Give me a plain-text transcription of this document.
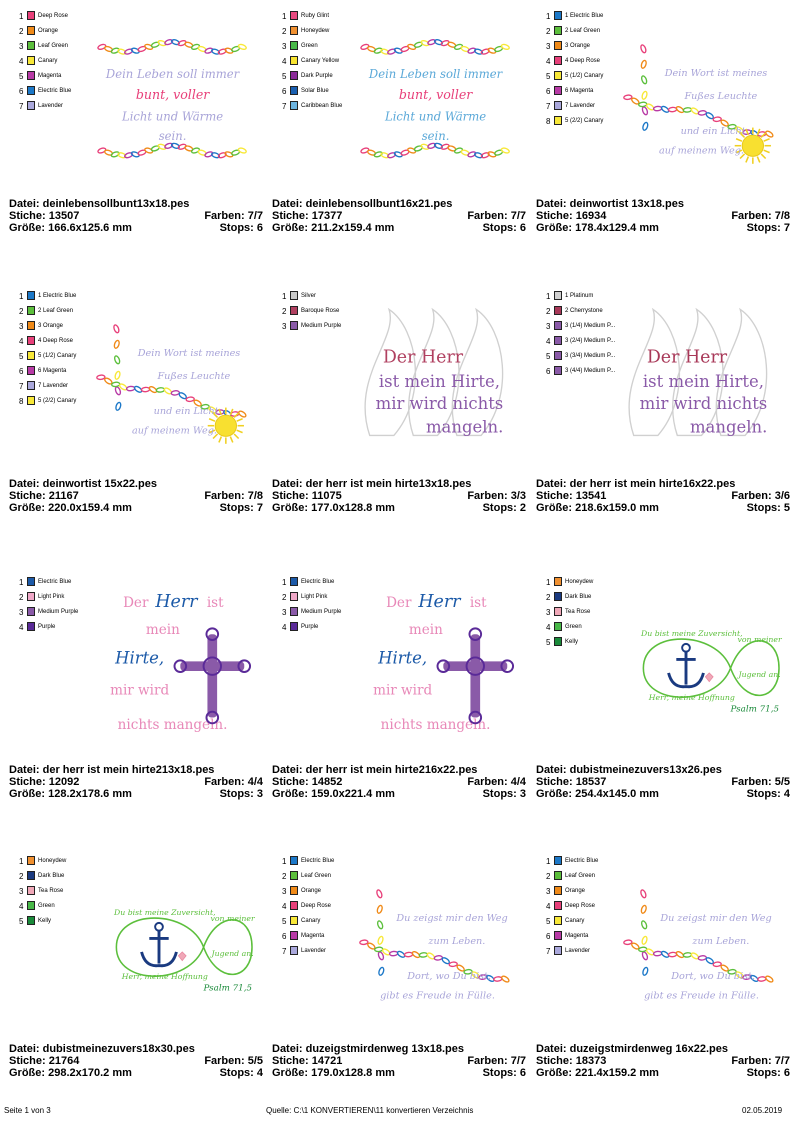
1	Deep Rose
2	Orange
3	Leaf Green
4	Canary
5	Magenta
6	Electric Blue
7	Lavender
Dein Leben soll immer
bunt, voller
Licht und Wärme
sein.
Datei: deinlebensollbunt13x18.pes
Stiche: 13507	Farben: 7/7
Größe: 166.6x125.6 mm	Stops: 6
1	Ruby Glint
2	Honeydew
3	Green
4	Canary Yellow
5	Dark Purple
6	Solar Blue
7	Caribbean Blue
Dein Leben soll immer
bunt, voller
Licht und Wärme
sein.
Datei: deinlebensollbunt16x21.pes
Stiche: 17377	Farben: 7/7
Größe: 211.2x159.4 mm	Stops: 6
1	1 Electric Blue
2	2 Leaf Green
3	3 Orange
4	4 Deep Rose
5	5 (1/2) Canary
6	6 Magenta
7	7 Lavender
8	5 (2/2) Canary
Dein Wort ist meines
Fußes Leuchte
und ein Licht
auf meinem Weg.
Datei: deinwortist 13x18.pes
Stiche: 16934	Farben: 7/8
Größe: 178.4x129.4 mm	Stops: 7
1	1 Electric Blue
2	2 Leaf Green
3	3 Orange
4	4 Deep Rose
5	5 (1/2) Canary
6	6 Magenta
7	7 Lavender
8	5 (2/2) Canary
Dein Wort ist meines
Fußes Leuchte
und ein Licht
auf meinem Weg.
Datei: deinwortist 15x22.pes
Stiche: 21167	Farben: 7/8
Größe: 220.0x159.4 mm	Stops: 7
1	Silver
2	Baroque Rose
3	Medium Purple
Der Herr
ist mein Hirte,
mir wird nichts
mangeln.
Datei: der herr ist mein hirte13x18.pes
Stiche: 11075	Farben: 3/3
Größe: 177.0x128.8 mm	Stops: 2
1	1 Platinum
2	2 Cherrystone
3	3 (1/4) Medium P...
4	3 (2/4) Medium P...
5	3 (3/4) Medium P...
6	3 (4/4) Medium P...
Der Herr
ist mein Hirte,
mir wird nichts
mangeln.
Datei: der herr ist mein hirte16x22.pes
Stiche: 13541	Farben: 3/6
Größe: 218.6x159.0 mm	Stops: 5
1	Electric Blue
2	Light Pink
3	Medium Purple
4	Purple
Der Herr ist
mein
Hirte,
mir wird
nichts mangeln.
Datei: der herr ist mein hirte213x18.pes
Stiche: 12092	Farben: 4/4
Größe: 128.2x178.6 mm	Stops: 3
1	Electric Blue
2	Light Pink
3	Medium Purple
4	Purple
Der Herr ist
mein
Hirte,
mir wird
nichts mangeln.
Datei: der herr ist mein hirte216x22.pes
Stiche: 14852	Farben: 4/4
Größe: 159.0x221.4 mm	Stops: 3
1	Honeydew
2	Dark Blue
3	Tea Rose
4	Green
5	Kelly
Du bist meine Zuversicht,
von meiner
Jugend an.
Herr, meine Hoffnung
Psalm 71,5
Datei: dubistmeinezuvers13x26.pes
Stiche: 18537	Farben: 5/5
Größe: 254.4x145.0 mm	Stops: 4
1	Honeydew
2	Dark Blue
3	Tea Rose
4	Green
5	Kelly
Du bist meine Zuversicht,
von meiner
Jugend an.
Herr, meine Hoffnung
Psalm 71,5
Datei: dubistmeinezuvers18x30.pes
Stiche: 21764	Farben: 5/5
Größe: 298.2x170.2 mm	Stops: 4
1	Electric Blue
2	Leaf Green
3	Orange
4	Deep Rose
5	Canary
6	Magenta
7	Lavender
Du zeigst mir den Weg
zum Leben.
Dort, wo Du bist,
gibt es Freude in Fülle.
Datei: duzeigstmirdenweg 13x18.pes
Stiche: 14721	Farben: 7/7
Größe: 179.0x128.8 mm	Stops: 6
1	Electric Blue
2	Leaf Green
3	Orange
4	Deep Rose
5	Canary
6	Magenta
7	Lavender
Du zeigst mir den Weg
zum Leben.
Dort, wo Du bist,
gibt es Freude in Fülle.
Datei: duzeigstmirdenweg 16x22.pes
Stiche: 18373	Farben: 7/7
Größe: 221.4x159.2 mm	Stops: 6
Seite 1 von 3	Quelle: C:\1 KONVERTIEREN\11 konvertieren Verzeichnis	02.05.2019
